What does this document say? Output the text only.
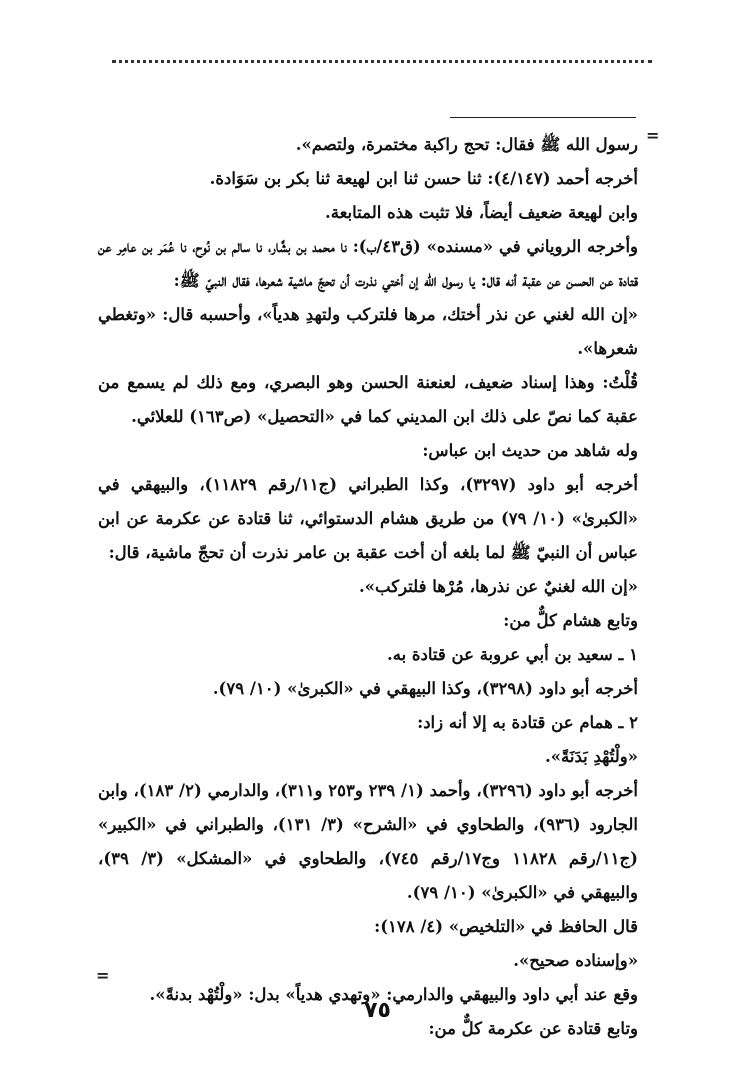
=

رسول الله ﷺ فقال: تحج راكبة مختمرة، ولتصم».

أخرجه أحمد (٤/١٤٧): ثنا حسن ثنا ابن لهيعة ثنا بكر بن سَوَادة.

وابن لهيعة ضعيف أيضاً، فلا تثبت هذه المتابعة.

وأخرجه الروياني في «مسنده» (ق٤٣/ب): نا محمد بن بشَّار، نا سالم بن نُوح، نا عُمَر بن عامِر عن قتادة عن الحسن عن عقبة أنه قال: يا رسول الله إن أختي نذرت أن تحجّ ماشية شعرها، فقال النبيّ ﷺ:

«إن الله لغني عن نذر أختك، مرها فلتركب ولتهدِ هدياً»، وأحسبه قال: «وتغطي شعرها».

قُلْتُ: وهذا إسناد ضعيف، لعنعنة الحسن وهو البصري، ومع ذلك لم يسمع من عقبة كما نصّ على ذلك ابن المديني كما في «التحصيل» (ص١٦٣) للعلائي.

وله شاهد من حديث ابن عباس:

أخرجه أبو داود (٣٢٩٧)، وكذا الطبراني (ج١١/رقم ١١٨٢٩)، والبيهقي في «الكبرىٰ» (١٠/ ٧٩) من طريق هشام الدستوائي، ثنا قتادة عن عكرمة عن ابن عباس أن النبيّ ﷺ لما بلغه أن أخت عقبة بن عامر نذرت أن تحجّ ماشية، قال:

«إن الله لغنيٌ عن نذرها، مُرْها فلتركب».

وتابع هشام كلٌّ من:

١ ـ سعيد بن أبي عروبة عن قتادة به.

أخرجه أبو داود (٣٢٩٨)، وكذا البيهقي في «الكبرىٰ» (١٠/ ٧٩).

٢ ـ همام عن قتادة به إلا أنه زاد:

«ولْتُهْدِ بَدَنَةً».

أخرجه أبو داود (٣٢٩٦)، وأحمد (١/ ٢٣٩ و٢٥٣ و٣١١)، والدارمي (٢/ ١٨٣)، وابن الجارود (٩٣٦)، والطحاوي في «الشرح» (٣/ ١٣١)، والطبراني في «الكبير» (ج١١/رقم ١١٨٢٨ وج١٧/رقم ٧٤٥)، والطحاوي في «المشكل» (٣/ ٣٩)، والبيهقي في «الكبرىٰ» (١٠/ ٧٩).

قال الحافظ في «التلخيص» (٤/ ١٧٨):

«وإسناده صحيح».

وقع عند أبي داود والبيهقي والدارمي: «وتهدي هدياً» بدل: «ولْتُهْد بدنةً».

وتابع قتادة عن عكرمة كلٌّ من:

=
٧٥
